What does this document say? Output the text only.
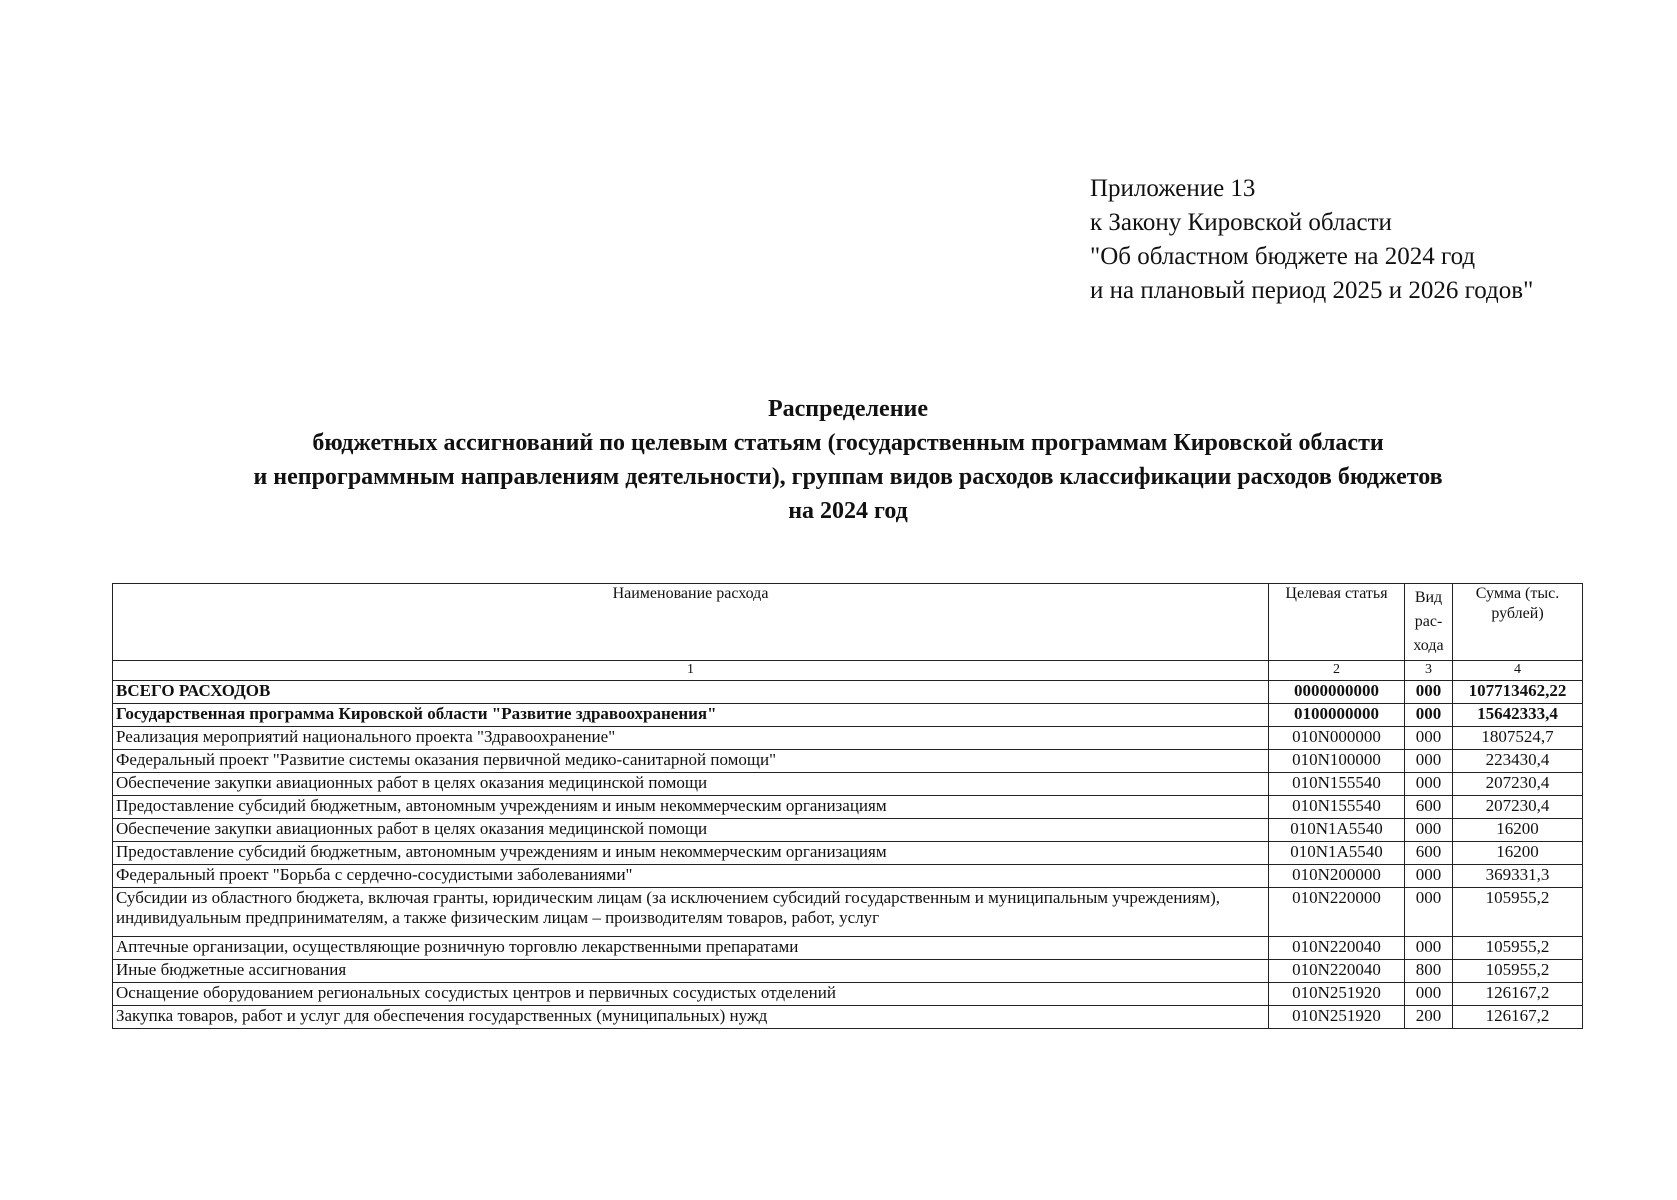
Приложение 13
к Закону Кировской области
"Об областном бюджете на 2024 год
и на плановый период 2025 и 2026 годов"
Распределение
бюджетных ассигнований по целевым статьям (государственным программам Кировской области
и непрограммным направлениям деятельности), группам видов расходов классификации расходов бюджетов
на 2024 год
Наименование расхода	Целевая статья	Вид рас-хода	Сумма (тыс. рублей)
1	2	3	4
ВСЕГО РАСХОДОВ	0000000000	000	107713462,22
Государственная программа Кировской области "Развитие здравоохранения"	0100000000	000	15642333,4
Реализация мероприятий национального проекта "Здравоохранение"	010N000000	000	1807524,7
Федеральный проект "Развитие системы оказания первичной медико-санитарной помощи"	010N100000	000	223430,4
Обеспечение закупки авиационных работ в целях оказания медицинской помощи	010N155540	000	207230,4
Предоставление субсидий бюджетным, автономным учреждениям и иным некоммерческим организациям	010N155540	600	207230,4
Обеспечение закупки авиационных работ в целях оказания медицинской помощи	010N1A5540	000	16200
Предоставление субсидий бюджетным, автономным учреждениям и иным некоммерческим организациям	010N1A5540	600	16200
Федеральный проект "Борьба с сердечно-сосудистыми заболеваниями"	010N200000	000	369331,3
Субсидии из областного бюджета, включая гранты, юридическим лицам (за исключением субсидий государственным и муниципальным учреждениям), индивидуальным предпринимателям, а также физическим лицам – производителям товаров, работ, услуг	010N220000	000	105955,2
Аптечные организации, осуществляющие розничную торговлю лекарственными препаратами	010N220040	000	105955,2
Иные бюджетные ассигнования	010N220040	800	105955,2
Оснащение оборудованием региональных сосудистых центров и первичных сосудистых отделений	010N251920	000	126167,2
Закупка товаров, работ и услуг для обеспечения государственных (муниципальных) нужд	010N251920	200	126167,2
